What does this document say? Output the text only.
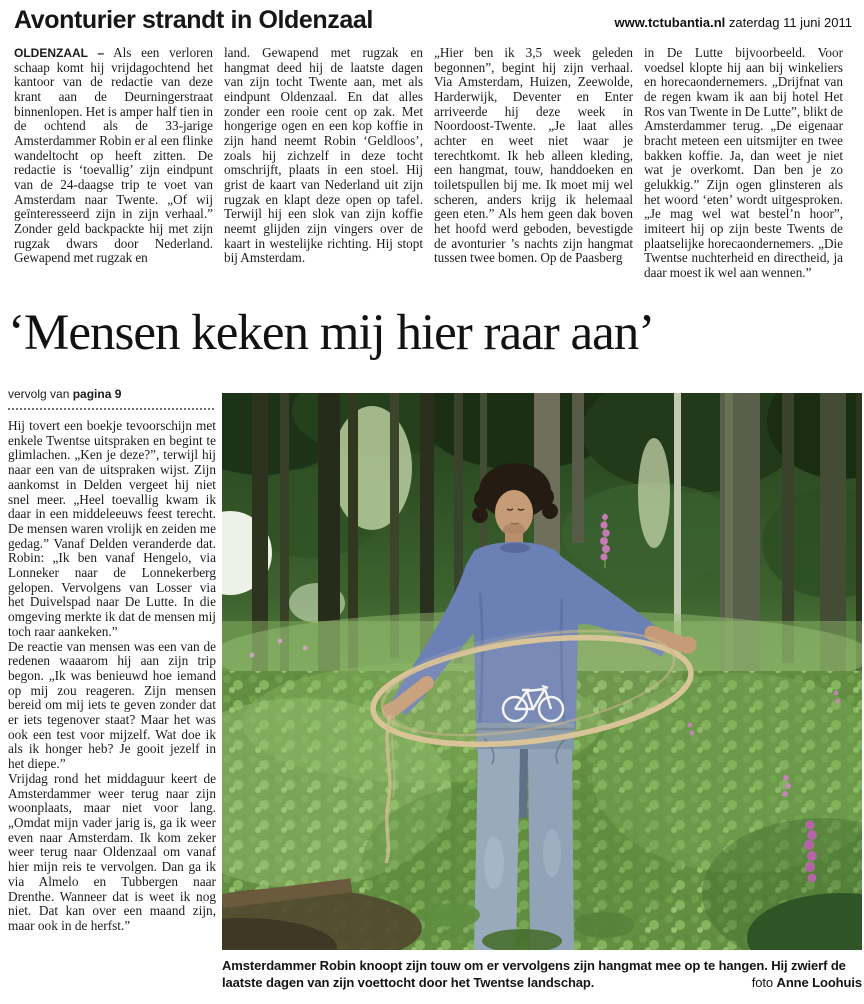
Avonturier strandt in Oldenzaal	www.tctubantia.nl zaterdag 11 juni 2011
OLDENZAAL – Als een verloren schaap komt hij vrijdagochtend het kantoor van de redactie van deze krant aan de Deurningerstraat binnenlopen. Het is amper half tien in de ochtend als de 33-jarige Amsterdammer Robin er al een flinke wandeltocht op heeft zitten. De redactie is ‘toevallig’ zijn eindpunt van de 24-daagse trip te voet van Amsterdam naar Twente. „Of wij geïnteresseerd zijn in zijn verhaal.” Zonder geld backpackte hij met zijn rugzak dwars door Nederland. Gewapend met rugzak en
land. Gewapend met rugzak en hangmat deed hij de laatste dagen van zijn tocht Twente aan, met als eindpunt Oldenzaal. En dat alles zonder een rooie cent op zak. Met hongerige ogen en een kop koffie in zijn hand neemt Robin ‘Geldloos’, zoals hij zichzelf in deze tocht omschrijft, plaats in een stoel. Hij grist de kaart van Nederland uit zijn rugzak en klapt deze open op tafel. Terwijl hij een slok van zijn koffie neemt glijden zijn vingers over de kaart in westelijke richting. Hij stopt bij Amsterdam.
„Hier ben ik 3,5 week geleden begonnen”, begint hij zijn verhaal. Via Amsterdam, Huizen, Zeewolde, Harderwijk, Deventer en Enter arriveerde hij deze week in Noordoost-Twente. „Je laat alles achter en weet niet waar je terechtkomt. Ik heb alleen kleding, een hangmat, touw, handdoeken en toiletspullen bij me. Ik moet mij wel scheren, anders krijg ik helemaal geen eten.” Als hem geen dak boven het hoofd werd geboden, bevestigde de avonturier ’s nachts zijn hangmat tussen twee bomen. Op de Paasberg
in De Lutte bijvoorbeeld. Voor voedsel klopte hij aan bij winkeliers en horecaondernemers. „Drijfnat van de regen kwam ik aan bij hotel Het Ros van Twente in De Lutte”, blikt de Amsterdammer terug. „De eigenaar bracht meteen een uitsmijter en twee bakken koffie. Ja, dan weet je niet wat je overkomt. Dan ben je zo gelukkig.” Zijn ogen glinsteren als het woord ‘eten’ wordt uitgesproken. „Je mag wel wat bestel’n hoor”, imiteert hij op zijn beste Twents de plaatselijke horecaondernemers. „Die Twentse nuchterheid en directheid, ja daar moest ik wel aan wennen.”
‘Mensen keken mij hier raar aan’
vervolg van pagina 9

Hij tovert een boekje tevoorschijn met enkele Twentse uitspraken en begint te glimlachen. „Ken je deze?”, terwijl hij naar een van de uitspraken wijst. Zijn aankomst in Delden vergeet hij niet snel meer. „Heel toevallig kwam ik daar in een middeleeuws feest terecht. De mensen waren vrolijk en zeiden me gedag.” Vanaf Delden veranderde dat. Robin: „Ik ben vanaf Hengelo, via Lonneker naar de Lonnekerberg gelopen. Vervolgens van Losser via het Duivelspad naar De Lutte. In die omgeving merkte ik dat de mensen mij toch raar aankeken.”

De reactie van mensen was een van de redenen waaarom hij aan zijn trip begon. „Ik was benieuwd hoe iemand op mij zou reageren. Zijn mensen bereid om mij iets te geven zonder dat er iets tegenover staat? Maar het was ook een test voor mijzelf. Wat doe ik als ik honger heb? Je gooit jezelf in het diepe.”

Vrijdag rond het middaguur keert de Amsterdammer weer terug naar zijn woonplaats, maar niet voor lang. „Omdat mijn vader jarig is, ga ik weer even naar Amsterdam. Ik kom zeker weer terug naar Oldenzaal om vanaf hier mijn reis te vervolgen. Dan ga ik via Almelo en Tubbergen naar Drenthe. Wanneer dat is weet ik nog niet. Dat kan over een maand zijn, maar ook in de herfst.”

Amsterdammer Robin knoopt zijn touw om er vervolgens zijn hangmat mee op te hangen. Hij zwierf de laatste dagen van zijn voettocht door het Twentse landschap.	foto Anne Loohuis
